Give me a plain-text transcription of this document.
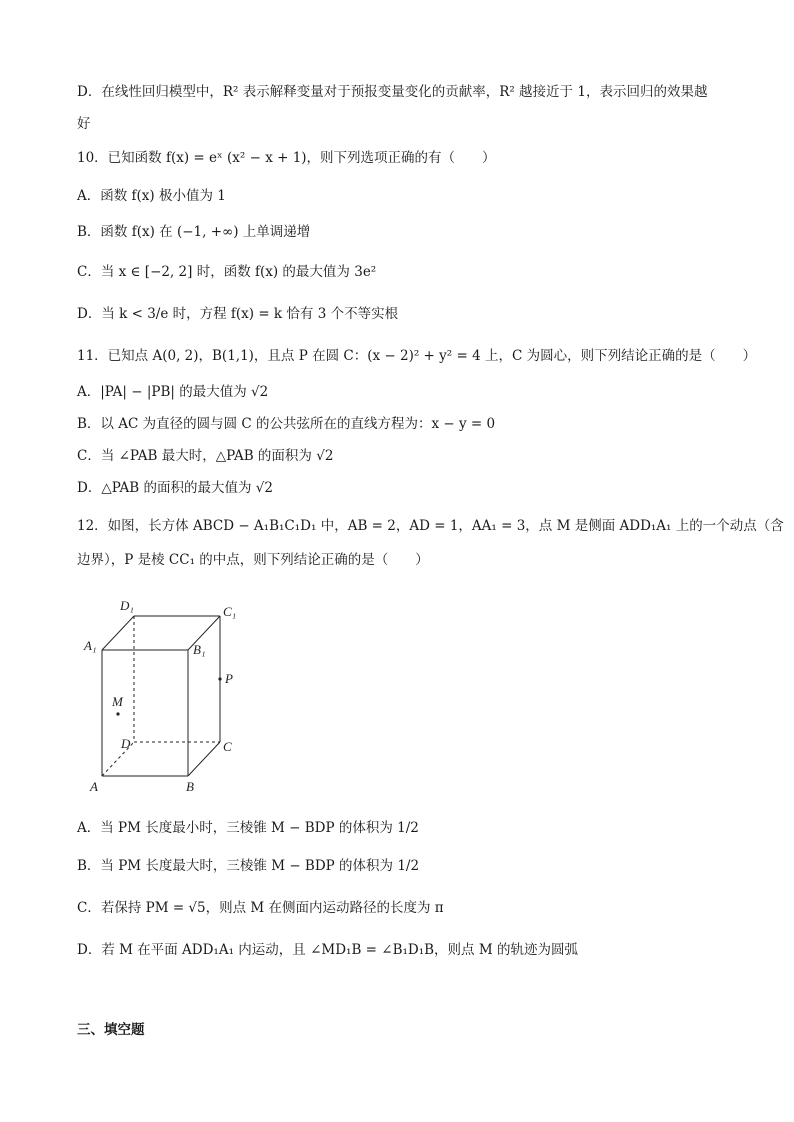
D．在线性回归模型中，R² 表示解释变量对于预报变量变化的贡献率，R² 越接近于 1，表示回归的效果越
好
10．已知函数 f(x) = eˣ (x² − x + 1)，则下列选项正确的有（　　）
A．函数 f(x) 极小值为 1
B．函数 f(x) 在 (−1, +∞) 上单调递增
C．当 x ∈ [−2, 2] 时，函数 f(x) 的最大值为 3e²
D．当 k < 3/e 时，方程 f(x) = k 恰有 3 个不等实根
11．已知点 A(0, 2)，B(1,1)，且点 P 在圆 C：(x − 2)² + y² = 4 上，C 为圆心，则下列结论正确的是（　　）
A．|PA| − |PB| 的最大值为 √2
B．以 AC 为直径的圆与圆 C 的公共弦所在的直线方程为：x − y = 0
C．当 ∠PAB 最大时，△PAB 的面积为 √2
D．△PAB 的面积的最大值为 √2
12．如图，长方体 ABCD − A₁B₁C₁D₁ 中，AB = 2，AD = 1，AA₁ = 3，点 M 是侧面 ADD₁A₁ 上的一个动点（含
边界），P 是棱 CC₁ 的中点，则下列结论正确的是（　　）
A	B
C
D
A₁	B₁
C₁
D₁
P
M
A．当 PM 长度最小时，三棱锥 M − BDP 的体积为 1/2
B．当 PM 长度最大时，三棱锥 M − BDP 的体积为 1/2
C．若保持 PM = √5，则点 M 在侧面内运动路径的长度为 π
D．若 M 在平面 ADD₁A₁ 内运动，且 ∠MD₁B = ∠B₁D₁B，则点 M 的轨迹为圆弧
三、填空题
